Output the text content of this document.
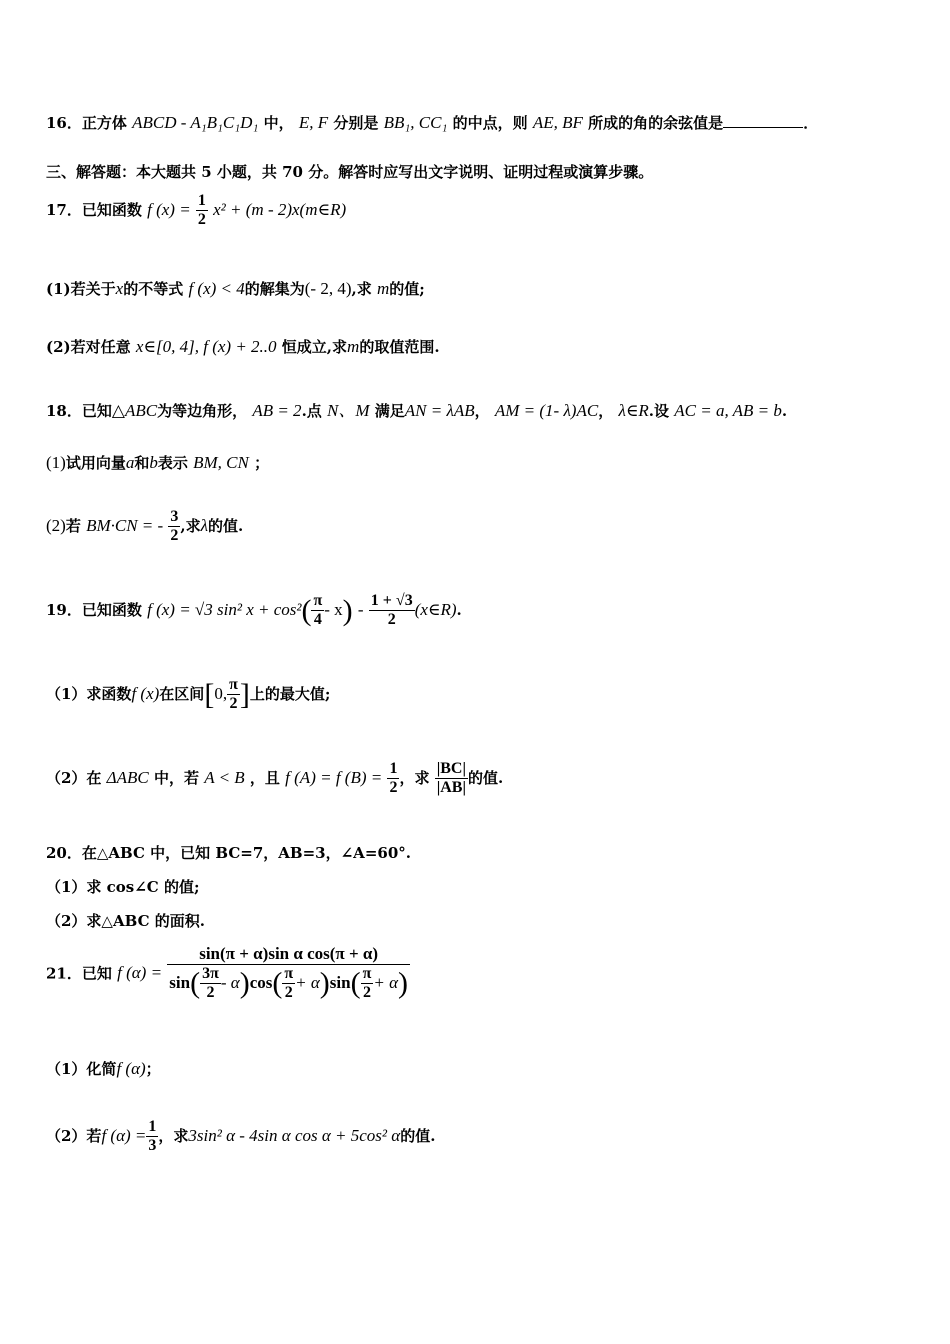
16．正方体 ABCD - A₁B₁C₁D₁ 中， E, F 分别是 BB₁, CC₁ 的中点，则 AE, BF 所成的角的余弦值是	．
三、解答题：本大题共 5 小题，共 70 分。解答时应写出文字说明、证明过程或演算步骤。
17．已知函数 f $(x) = \frac{1}{2} x^2 + (m$ - 2)x(m∈R)
(1)若关于x的不等式 f (x) < 4的解集为(- 2, 4),求 m的值;
(2)若对任意 x∈[0, 4], f (x) + 2..0 恒成立,求m的取值范围.
18．已知△ABC为等边角形， AB = 2.点 N、M 满足AN = λAB， AM = (1- λ)AC， λ∈R.设 AC = a, AB = b.
(1)试用向量a和b表示 BM, CN ；
(2)若 BM·CN = - $\frac{3}{2}$ ,求λ的值.
19．已知函数 f (x) = √3 sin² $x + \cos^2( \frac{\pi}{4} - x) - \frac{1 + √3}{2}$ (x∈R).
（1）求函数f (x)在区间[0, $\frac{\pi}{2}$ ]上的最大值;
（2）在 ΔABC 中，若 A < B ，且 f (A) = f $(B) = \frac{1}{2}$ ，求 $\frac{|BC|}{|AB|}$ 的值.
20．在△ABC 中，已知 BC=7，AB=3，∠A=60°.
（1）求 cos∠C 的值;
（2）求△ABC 的面积.
21．已知 f $(\alpha) = \frac{\text{sin(π + α)sin α cos(π + α)}}{\sin( \frac{3\pi}{2} - \alpha)\cos( \frac{\pi}{2} + \alpha)\sin( \frac{\pi}{2} + \alpha)}$
（1）化简f (α)；
（2）若f $(\alpha) = \frac{1}{3}$ ，求3sin² α - 4sin α cos α + 5cos² α的值.
